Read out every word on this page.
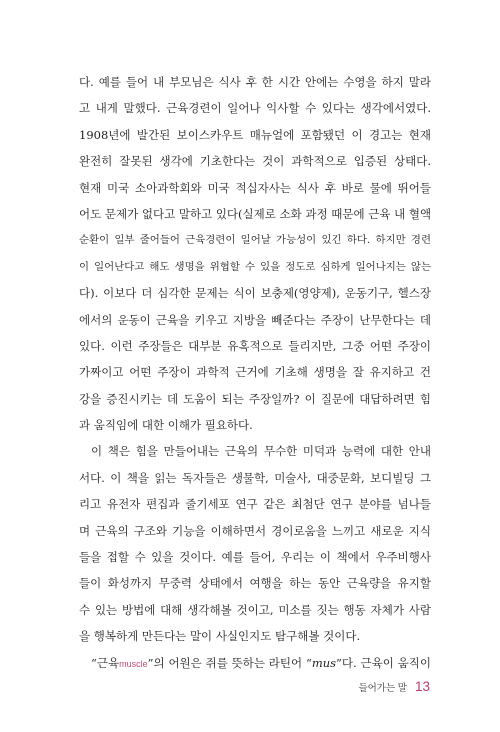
다. 예를 들어 내 부모님은 식사 후 한 시간 안에는 수영을 하지 말라
고 내게 말했다. 근육경련이 일어나 익사할 수 있다는 생각에서였다.
1908년에 발간된 보이스카우트 매뉴얼에 포함됐던 이 경고는 현재
완전히 잘못된 생각에 기초한다는 것이 과학적으로 입증된 상태다.
현재 미국 소아과학회와 미국 적십자사는 식사 후 바로 물에 뛰어들
어도 문제가 없다고 말하고 있다(실제로 소화 과정 때문에 근육 내 혈액
순환이 일부 줄어들어 근육경련이 일어날 가능성이 있긴 하다. 하지만 경련
이 일어난다고 해도 생명을 위협할 수 있을 정도로 심하게 일어나지는 않는
다). 이보다 더 심각한 문제는 식이 보충제(영양제), 운동기구, 헬스장
에서의 운동이 근육을 키우고 지방을 빼준다는 주장이 난무한다는 데
있다. 이런 주장들은 대부분 유혹적으로 들리지만, 그중 어떤 주장이
가짜이고 어떤 주장이 과학적 근거에 기초해 생명을 잘 유지하고 건
강을 증진시키는 데 도움이 되는 주장일까? 이 질문에 대답하려면 힘
과 움직임에 대한 이해가 필요하다.
이 책은 힘을 만들어내는 근육의 무수한 미덕과 능력에 대한 안내
서다. 이 책을 읽는 독자들은 생물학, 미술사, 대중문화, 보디빌딩 그
리고 유전자 편집과 줄기세포 연구 같은 최첨단 연구 분야를 넘나들
며 근육의 구조와 기능을 이해하면서 경이로움을 느끼고 새로운 지식
들을 접할 수 있을 것이다. 예를 들어, 우리는 이 책에서 우주비행사
들이 화성까지 무중력 상태에서 여행을 하는 동안 근육량을 유지할
수 있는 방법에 대해 생각해볼 것이고, 미소를 짓는 행동 자체가 사람
을 행복하게 만든다는 말이 사실인지도 탐구해볼 것이다.
“근육muscle”의 어원은 쥐를 뜻하는 라틴어 “mus”다. 근육이 움직이
들어가는 말 13
